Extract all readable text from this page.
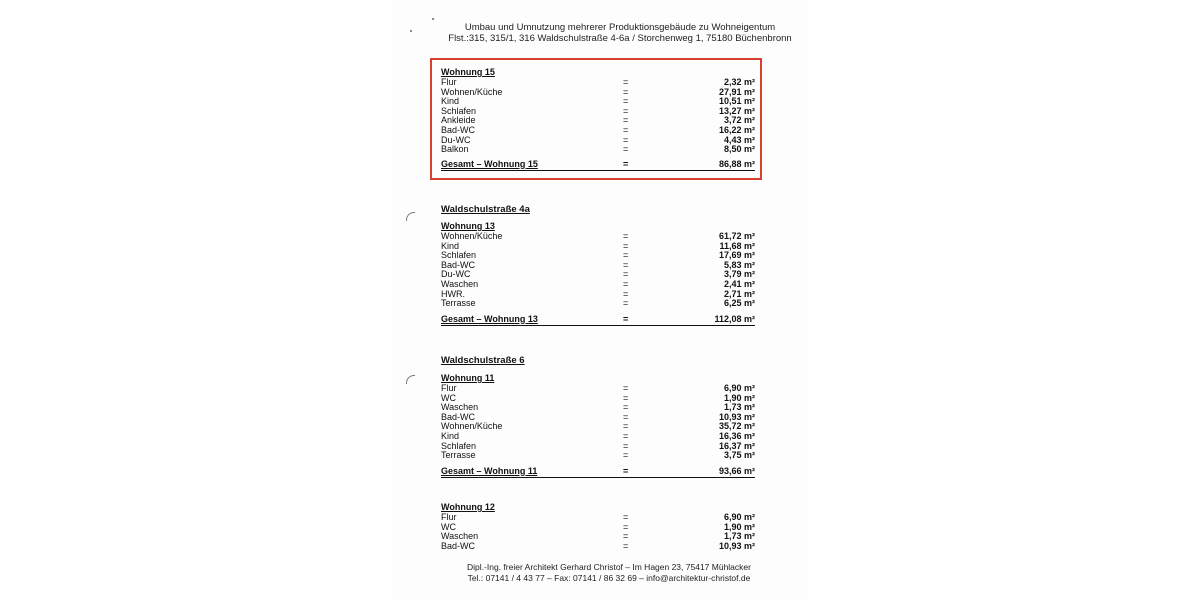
Umbau und Umnutzung mehrerer Produktionsgebäude zu Wohneigentum
Flst.:315, 315/1, 316 Waldschulstraße 4-6a / Storchenweg 1, 75180 Büchenbronn
Wohnung 15
Flur	=	2,32 m²
Wohnen/Küche	=	27,91 m²
Kind	=	10,51 m²
Schlafen	=	13,27 m²
Ankleide	=	3,72 m²
Bad-WC	=	16,22 m²
Du-WC	=	4,43 m²
Balkon	=	8,50 m²
Gesamt – Wohnung 15	=	86,88 m²
Waldschulstraße 4a
Wohnung 13
Wohnen/Küche	=	61,72 m²
Kind	=	11,68 m²
Schlafen	=	17,69 m²
Bad-WC	=	5,83 m²
Du-WC	=	3,79 m²
Waschen	=	2,41 m²
HWR.	=	2,71 m²
Terrasse	=	6,25 m²
Gesamt – Wohnung 13	=	112,08 m²
Waldschulstraße 6
Wohnung 11
Flur	=	6,90 m²
WC	=	1,90 m²
Waschen	=	1,73 m²
Bad-WC	=	10,93 m²
Wohnen/Küche	=	35,72 m²
Kind	=	16,36 m²
Schlafen	=	16,37 m²
Terrasse	=	3,75 m²
Gesamt – Wohnung 11	=	93,66 m²
Wohnung 12
Flur	=	6,90 m²
WC	=	1,90 m²
Waschen	=	1,73 m²
Bad-WC	=	10,93 m²
Dipl.-Ing. freier Architekt Gerhard Christof – Im Hagen 23, 75417 Mühlacker
Tel.: 07141 / 4 43 77 – Fax: 07141 / 86 32 69 – info@architektur-christof.de
